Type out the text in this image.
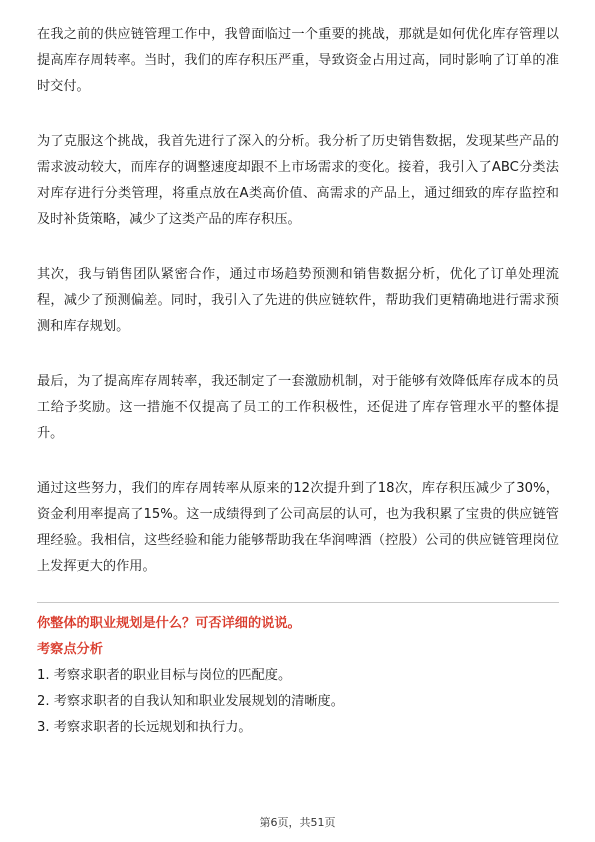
在我之前的供应链管理工作中，我曾面临过一个重要的挑战，那就是如何优化库存管理以提高库存周转率。当时，我们的库存积压严重，导致资金占用过高，同时影响了订单的准时交付。

为了克服这个挑战，我首先进行了深入的分析。我分析了历史销售数据，发现某些产品的需求波动较大，而库存的调整速度却跟不上市场需求的变化。接着，我引入了ABC分类法对库存进行分类管理，将重点放在A类高价值、高需求的产品上，通过细致的库存监控和及时补货策略，减少了这类产品的库存积压。

其次，我与销售团队紧密合作，通过市场趋势预测和销售数据分析，优化了订单处理流程，减少了预测偏差。同时，我引入了先进的供应链软件，帮助我们更精确地进行需求预测和库存规划。

最后，为了提高库存周转率，我还制定了一套激励机制，对于能够有效降低库存成本的员工给予奖励。这一措施不仅提高了员工的工作积极性，还促进了库存管理水平的整体提升。

通过这些努力，我们的库存周转率从原来的12次提升到了18次，库存积压减少了30%，资金利用率提高了15%。这一成绩得到了公司高层的认可，也为我积累了宝贵的供应链管理经验。我相信，这些经验和能力能够帮助我在华润啤酒（控股）公司的供应链管理岗位上发挥更大的作用。

你整体的职业规划是什么？可否详细的说说。

考察点分析

1. 考察求职者的职业目标与岗位的匹配度。
2. 考察求职者的自我认知和职业发展规划的清晰度。
3. 考察求职者的长远规划和执行力。
第6页，共51页
